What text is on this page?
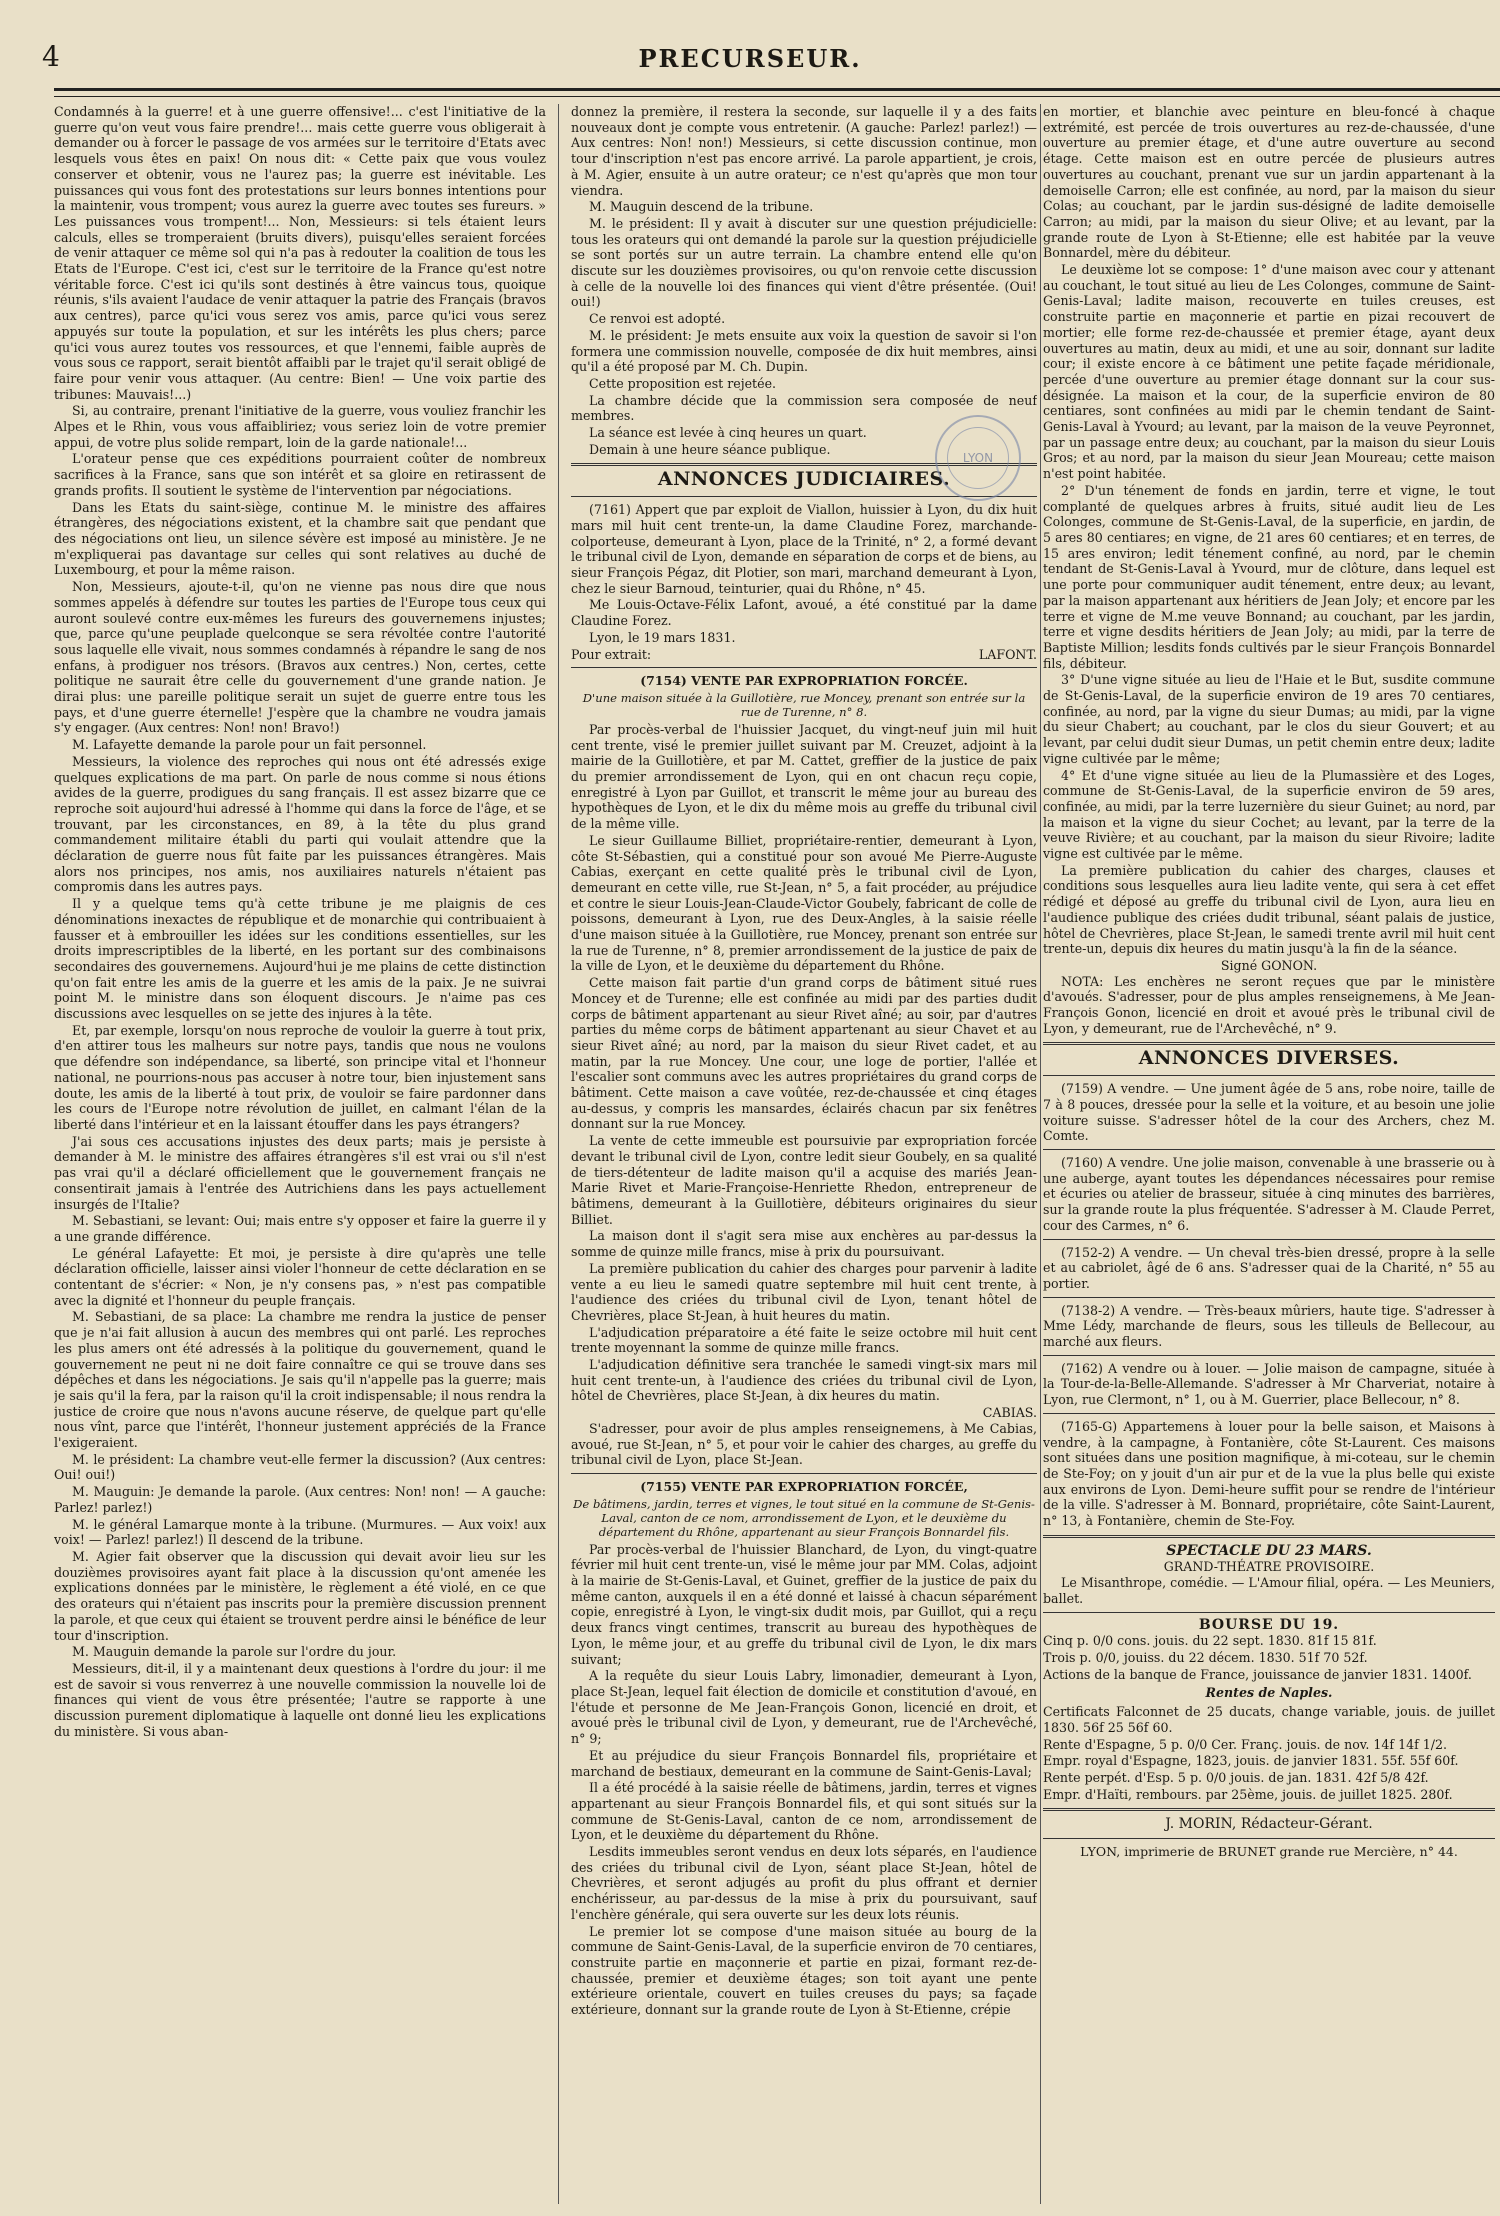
4	PRECURSEUR.

Condamnés à la guerre! et à une guerre offensive!... c'est l'initiative de la guerre qu'on veut vous faire prendre!... mais cette guerre vous obligerait à demander ou à forcer le passage de vos armées sur le territoire d'Etats avec lesquels vous êtes en paix! On nous dit: « Cette paix que vous voulez conserver et obtenir, vous ne l'aurez pas; la guerre est inévitable. Les puissances qui vous font des protestations sur leurs bonnes intentions pour la maintenir, vous trompent; vous aurez la guerre avec toutes ses fureurs. » Les puissances vous trompent!... Non, Messieurs: si tels étaient leurs calculs, elles se tromperaient (bruits divers), puisqu'elles seraient forcées de venir attaquer ce même sol qui n'a pas à redouter la coalition de tous les Etats de l'Europe. C'est ici, c'est sur le territoire de la France qu'est notre véritable force. C'est ici qu'ils sont destinés à être vaincus tous, quoique réunis, s'ils avaient l'audace de venir attaquer la patrie des Français (bravos aux centres), parce qu'ici vous serez vos amis, parce qu'ici vous serez appuyés sur toute la population, et sur les intérêts les plus chers; parce qu'ici vous aurez toutes vos ressources, et que l'ennemi, faible auprès de vous sous ce rapport, serait bientôt affaibli par le trajet qu'il serait obligé de faire pour venir vous attaquer. (Au centre: Bien! — Une voix partie des tribunes: Mauvais!...)

Si, au contraire, prenant l'initiative de la guerre, vous vouliez franchir les Alpes et le Rhin, vous vous affaibliriez; vous seriez loin de votre premier appui, de votre plus solide rempart, loin de la garde nationale!...

L'orateur pense que ces expéditions pourraient coûter de nombreux sacrifices à la France, sans que son intérêt et sa gloire en retirassent de grands profits. Il soutient le système de l'intervention par négociations.

Dans les Etats du saint-siège, continue M. le ministre des affaires étrangères, des négociations existent, et la chambre sait que pendant que des négociations ont lieu, un silence sévère est imposé au ministère. Je ne m'expliquerai pas davantage sur celles qui sont relatives au duché de Luxembourg, et pour la même raison.

Non, Messieurs, ajoute-t-il, qu'on ne vienne pas nous dire que nous sommes appelés à défendre sur toutes les parties de l'Europe tous ceux qui auront soulevé contre eux-mêmes les fureurs des gouvernemens injustes; que, parce qu'une peuplade quelconque se sera révoltée contre l'autorité sous laquelle elle vivait, nous sommes condamnés à répandre le sang de nos enfans, à prodiguer nos trésors. (Bravos aux centres.) Non, certes, cette politique ne saurait être celle du gouvernement d'une grande nation. Je dirai plus: une pareille politique serait un sujet de guerre entre tous les pays, et d'une guerre éternelle! J'espère que la chambre ne voudra jamais s'y engager. (Aux centres: Non! non! Bravo!)

M. Lafayette demande la parole pour un fait personnel.

Messieurs, la violence des reproches qui nous ont été adressés exige quelques explications de ma part. On parle de nous comme si nous étions avides de la guerre, prodigues du sang français. Il est assez bizarre que ce reproche soit aujourd'hui adressé à l'homme qui dans la force de l'âge, et se trouvant, par les circonstances, en 89, à la tête du plus grand commandement militaire établi du parti qui voulait attendre que la déclaration de guerre nous fût faite par les puissances étrangères. Mais alors nos principes, nos amis, nos auxiliaires naturels n'étaient pas compromis dans les autres pays.

Il y a quelque tems qu'à cette tribune je me plaignis de ces dénominations inexactes de république et de monarchie qui contribuaient à fausser et à embrouiller les idées sur les conditions essentielles, sur les droits imprescriptibles de la liberté, en les portant sur des combinaisons secondaires des gouvernemens. Aujourd'hui je me plains de cette distinction qu'on fait entre les amis de la guerre et les amis de la paix. Je ne suivrai point M. le ministre dans son éloquent discours. Je n'aime pas ces discussions avec lesquelles on se jette des injures à la tête.

Et, par exemple, lorsqu'on nous reproche de vouloir la guerre à tout prix, d'en attirer tous les malheurs sur notre pays, tandis que nous ne voulons que défendre son indépendance, sa liberté, son principe vital et l'honneur national, ne pourrions-nous pas accuser à notre tour, bien injustement sans doute, les amis de la liberté à tout prix, de vouloir se faire pardonner dans les cours de l'Europe notre révolution de juillet, en calmant l'élan de la liberté dans l'intérieur et en la laissant étouffer dans les pays étrangers?

J'ai sous ces accusations injustes des deux parts; mais je persiste à demander à M. le ministre des affaires étrangères s'il est vrai ou s'il n'est pas vrai qu'il a déclaré officiellement que le gouvernement français ne consentirait jamais à l'entrée des Autrichiens dans les pays actuellement insurgés de l'Italie?

M. Sebastiani, se levant: Oui; mais entre s'y opposer et faire la guerre il y a une grande différence.

Le général Lafayette: Et moi, je persiste à dire qu'après une telle déclaration officielle, laisser ainsi violer l'honneur de cette déclaration en se contentant de s'écrier: « Non, je n'y consens pas, » n'est pas compatible avec la dignité et l'honneur du peuple français.

M. Sebastiani, de sa place: La chambre me rendra la justice de penser que je n'ai fait allusion à aucun des membres qui ont parlé. Les reproches les plus amers ont été adressés à la politique du gouvernement, quand le gouvernement ne peut ni ne doit faire connaître ce qui se trouve dans ses dépêches et dans les négociations. Je sais qu'il n'appelle pas la guerre; mais je sais qu'il la fera, par la raison qu'il la croit indispensable; il nous rendra la justice de croire que nous n'avons aucune réserve, de quelque part qu'elle nous vînt, parce que l'intérêt, l'honneur justement appréciés de la France l'exigeraient.

M. le président: La chambre veut-elle fermer la discussion? (Aux centres: Oui! oui!)

M. Mauguin: Je demande la parole. (Aux centres: Non! non! — A gauche: Parlez! parlez!)

M. le général Lamarque monte à la tribune. (Murmures. — Aux voix! aux voix! — Parlez! parlez!) Il descend de la tribune.

M. Agier fait observer que la discussion qui devait avoir lieu sur les douzièmes provisoires ayant fait place à la discussion qu'ont amenée les explications données par le ministère, le règlement a été violé, en ce que des orateurs qui n'étaient pas inscrits pour la première discussion prennent la parole, et que ceux qui étaient se trouvent perdre ainsi le bénéfice de leur tour d'inscription.

M. Mauguin demande la parole sur l'ordre du jour.

Messieurs, dit-il, il y a maintenant deux questions à l'ordre du jour: il me est de savoir si vous renverrez à une nouvelle commission la nouvelle loi de finances qui vient de vous être présentée; l'autre se rapporte à une discussion purement diplomatique à laquelle ont donné lieu les explications du ministère. Si vous aban-

donnez la première, il restera la seconde, sur laquelle il y a des faits nouveaux dont je compte vous entretenir. (A gauche: Parlez! parlez!) — Aux centres: Non! non!) Messieurs, si cette discussion continue, mon tour d'inscription n'est pas encore arrivé. La parole appartient, je crois, à M. Agier, ensuite à un autre orateur; ce n'est qu'après que mon tour viendra.

M. Mauguin descend de la tribune.

M. le président: Il y avait à discuter sur une question préjudicielle: tous les orateurs qui ont demandé la parole sur la question préjudicielle se sont portés sur un autre terrain. La chambre entend elle qu'on discute sur les douzièmes provisoires, ou qu'on renvoie cette discussion à celle de la nouvelle loi des finances qui vient d'être présentée. (Oui! oui!)

Ce renvoi est adopté.

M. le président: Je mets ensuite aux voix la question de savoir si l'on formera une commission nouvelle, composée de dix huit membres, ainsi qu'il a été proposé par M. Ch. Dupin.

Cette proposition est rejetée.

La chambre décide que la commission sera composée de neuf membres.

La séance est levée à cinq heures un quart.

Demain à une heure séance publique.

ANNONCES JUDICIAIRES.

(7161) Appert que par exploit de Viallon, huissier à Lyon, du dix huit mars mil huit cent trente-un, la dame Claudine Forez, marchande-colporteuse, demeurant à Lyon, place de la Trinité, n° 2, a formé devant le tribunal civil de Lyon, demande en séparation de corps et de biens, au sieur François Pégaz, dit Plotier, son mari, marchand demeurant à Lyon, chez le sieur Barnoud, teinturier, quai du Rhône, n° 45.

Me Louis-Octave-Félix Lafont, avoué, a été constitué par la dame Claudine Forez.

Lyon, le 19 mars 1831.

Pour extrait:	LAFONT.
(7154) VENTE PAR EXPROPRIATION FORCÉE.
D'une maison située à la Guillotière, rue Moncey, prenant son entrée sur la rue de Turenne, n° 8.

Par procès-verbal de l'huissier Jacquet, du vingt-neuf juin mil huit cent trente, visé le premier juillet suivant par M. Creuzet, adjoint à la mairie de la Guillotière, et par M. Cattet, greffier de la justice de paix du premier arrondissement de Lyon, qui en ont chacun reçu copie, enregistré à Lyon par Guillot, et transcrit le même jour au bureau des hypothèques de Lyon, et le dix du même mois au greffe du tribunal civil de la même ville.

Le sieur Guillaume Billiet, propriétaire-rentier, demeurant à Lyon, côte St-Sébastien, qui a constitué pour son avoué Me Pierre-Auguste Cabias, exerçant en cette qualité près le tribunal civil de Lyon, demeurant en cette ville, rue St-Jean, n° 5, a fait procéder, au préjudice et contre le sieur Louis-Jean-Claude-Victor Goubely, fabricant de colle de poissons, demeurant à Lyon, rue des Deux-Angles, à la saisie réelle d'une maison située à la Guillotière, rue Moncey, prenant son entrée sur la rue de Turenne, n° 8, premier arrondissement de la justice de paix de la ville de Lyon, et le deuxième du département du Rhône.

Cette maison fait partie d'un grand corps de bâtiment situé rues Moncey et de Turenne; elle est confinée au midi par des parties dudit corps de bâtiment appartenant au sieur Rivet aîné; au soir, par d'autres parties du même corps de bâtiment appartenant au sieur Chavet et au sieur Rivet aîné; au nord, par la maison du sieur Rivet cadet, et au matin, par la rue Moncey. Une cour, une loge de portier, l'allée et l'escalier sont communs avec les autres propriétaires du grand corps de bâtiment. Cette maison a cave voûtée, rez-de-chaussée et cinq étages au-dessus, y compris les mansardes, éclairés chacun par six fenêtres donnant sur la rue Moncey.

La vente de cette immeuble est poursuivie par expropriation forcée devant le tribunal civil de Lyon, contre ledit sieur Goubely, en sa qualité de tiers-détenteur de ladite maison qu'il a acquise des mariés Jean-Marie Rivet et Marie-Françoise-Henriette Rhedon, entrepreneur de bâtimens, demeurant à la Guillotière, débiteurs originaires du sieur Billiet.

La maison dont il s'agit sera mise aux enchères au par-dessus la somme de quinze mille francs, mise à prix du poursuivant.

La première publication du cahier des charges pour parvenir à ladite vente a eu lieu le samedi quatre septembre mil huit cent trente, à l'audience des criées du tribunal civil de Lyon, tenant hôtel de Chevrières, place St-Jean, à huit heures du matin.

L'adjudication préparatoire a été faite le seize octobre mil huit cent trente moyennant la somme de quinze mille francs.

L'adjudication définitive sera tranchée le samedi vingt-six mars mil huit cent trente-un, à l'audience des criées du tribunal civil de Lyon, hôtel de Chevrières, place St-Jean, à dix heures du matin.

CABIAS.

S'adresser, pour avoir de plus amples renseignemens, à Me Cabias, avoué, rue St-Jean, n° 5, et pour voir le cahier des charges, au greffe du tribunal civil de Lyon, place St-Jean.

(7155) VENTE PAR EXPROPRIATION FORCÉE,
De bâtimens, jardin, terres et vignes, le tout situé en la commune de St-Genis-Laval, canton de ce nom, arrondissement de Lyon, et le deuxième du département du Rhône, appartenant au sieur François Bonnardel fils.

Par procès-verbal de l'huissier Blanchard, de Lyon, du vingt-quatre février mil huit cent trente-un, visé le même jour par MM. Colas, adjoint à la mairie de St-Genis-Laval, et Guinet, greffier de la justice de paix du même canton, auxquels il en a été donné et laissé à chacun séparément copie, enregistré à Lyon, le vingt-six dudit mois, par Guillot, qui a reçu deux francs vingt centimes, transcrit au bureau des hypothèques de Lyon, le même jour, et au greffe du tribunal civil de Lyon, le dix mars suivant;

A la requête du sieur Louis Labry, limonadier, demeurant à Lyon, place St-Jean, lequel fait élection de domicile et constitution d'avoué, en l'étude et personne de Me Jean-François Gonon, licencié en droit, et avoué près le tribunal civil de Lyon, y demeurant, rue de l'Archevêché, n° 9;

Et au préjudice du sieur François Bonnardel fils, propriétaire et marchand de bestiaux, demeurant en la commune de Saint-Genis-Laval;

Il a été procédé à la saisie réelle de bâtimens, jardin, terres et vignes appartenant au sieur François Bonnardel fils, et qui sont situés sur la commune de St-Genis-Laval, canton de ce nom, arrondissement de Lyon, et le deuxième du département du Rhône.

Lesdits immeubles seront vendus en deux lots séparés, en l'audience des criées du tribunal civil de Lyon, séant place St-Jean, hôtel de Chevrières, et seront adjugés au profit du plus offrant et dernier enchérisseur, au par-dessus de la mise à prix du poursuivant, sauf l'enchère générale, qui sera ouverte sur les deux lots réunis.

Le premier lot se compose d'une maison située au bourg de la commune de Saint-Genis-Laval, de la superficie environ de 70 centiares, construite partie en maçonnerie et partie en pizai, formant rez-de-chaussée, premier et deuxième étages; son toit ayant une pente extérieure orientale, couvert en tuiles creuses du pays; sa façade extérieure, donnant sur la grande route de Lyon à St-Etienne, crépie

LYON

en mortier, et blanchie avec peinture en bleu-foncé à chaque extrémité, est percée de trois ouvertures au rez-de-chaussée, d'une ouverture au premier étage, et d'une autre ouverture au second étage. Cette maison est en outre percée de plusieurs autres ouvertures au couchant, prenant vue sur un jardin appartenant à la demoiselle Carron; elle est confinée, au nord, par la maison du sieur Colas; au couchant, par le jardin sus-désigné de ladite demoiselle Carron; au midi, par la maison du sieur Olive; et au levant, par la grande route de Lyon à St-Etienne; elle est habitée par la veuve Bonnardel, mère du débiteur.

Le deuxième lot se compose: 1° d'une maison avec cour y attenant au couchant, le tout situé au lieu de Les Colonges, commune de Saint-Genis-Laval; ladite maison, recouverte en tuiles creuses, est construite partie en maçonnerie et partie en pizai recouvert de mortier; elle forme rez-de-chaussée et premier étage, ayant deux ouvertures au matin, deux au midi, et une au soir, donnant sur ladite cour; il existe encore à ce bâtiment une petite façade méridionale, percée d'une ouverture au premier étage donnant sur la cour sus-désignée. La maison et la cour, de la superficie environ de 80 centiares, sont confinées au midi par le chemin tendant de Saint-Genis-Laval à Yvourd; au levant, par la maison de la veuve Peyronnet, par un passage entre deux; au couchant, par la maison du sieur Louis Gros; et au nord, par la maison du sieur Jean Moureau; cette maison n'est point habitée.

2° D'un ténement de fonds en jardin, terre et vigne, le tout complanté de quelques arbres à fruits, situé audit lieu de Les Colonges, commune de St-Genis-Laval, de la superficie, en jardin, de 5 ares 80 centiares; en vigne, de 21 ares 60 centiares; et en terres, de 15 ares environ; ledit ténement confiné, au nord, par le chemin tendant de St-Genis-Laval à Yvourd, mur de clôture, dans lequel est une porte pour communiquer audit ténement, entre deux; au levant, par la maison appartenant aux héritiers de Jean Joly; et encore par les terre et vigne de M.me veuve Bonnand; au couchant, par les jardin, terre et vigne desdits héritiers de Jean Joly; au midi, par la terre de Baptiste Million; lesdits fonds cultivés par le sieur François Bonnardel fils, débiteur.

3° D'une vigne située au lieu de l'Haie et le But, susdite commune de St-Genis-Laval, de la superficie environ de 19 ares 70 centiares, confinée, au nord, par la vigne du sieur Dumas; au midi, par la vigne du sieur Chabert; au couchant, par le clos du sieur Gouvert; et au levant, par celui dudit sieur Dumas, un petit chemin entre deux; ladite vigne cultivée par le même;

4° Et d'une vigne située au lieu de la Plumassière et des Loges, commune de St-Genis-Laval, de la superficie environ de 59 ares, confinée, au midi, par la terre luzernière du sieur Guinet; au nord, par la maison et la vigne du sieur Cochet; au levant, par la terre de la veuve Rivière; et au couchant, par la maison du sieur Rivoire; ladite vigne est cultivée par le même.

La première publication du cahier des charges, clauses et conditions sous lesquelles aura lieu ladite vente, qui sera à cet effet rédigé et déposé au greffe du tribunal civil de Lyon, aura lieu en l'audience publique des criées dudit tribunal, séant palais de justice, hôtel de Chevrières, place St-Jean, le samedi trente avril mil huit cent trente-un, depuis dix heures du matin jusqu'à la fin de la séance.

Signé GONON.

NOTA: Les enchères ne seront reçues que par le ministère d'avoués. S'adresser, pour de plus amples renseignemens, à Me Jean-François Gonon, licencié en droit et avoué près le tribunal civil de Lyon, y demeurant, rue de l'Archevêché, n° 9.

ANNONCES DIVERSES.

(7159) A vendre. — Une jument âgée de 5 ans, robe noire, taille de 7 à 8 pouces, dressée pour la selle et la voiture, et au besoin une jolie voiture suisse. S'adresser hôtel de la cour des Archers, chez M. Comte.

(7160) A vendre. Une jolie maison, convenable à une brasserie ou à une auberge, ayant toutes les dépendances nécessaires pour remise et écuries ou atelier de brasseur, située à cinq minutes des barrières, sur la grande route la plus fréquentée. S'adresser à M. Claude Perret, cour des Carmes, n° 6.

(7152-2) A vendre. — Un cheval très-bien dressé, propre à la selle et au cabriolet, âgé de 6 ans. S'adresser quai de la Charité, n° 55 au portier.

(7138-2) A vendre. — Très-beaux mûriers, haute tige. S'adresser à Mme Lédy, marchande de fleurs, sous les tilleuls de Bellecour, au marché aux fleurs.

(7162) A vendre ou à louer. — Jolie maison de campagne, située à la Tour-de-la-Belle-Allemande. S'adresser à Mr Charveriat, notaire à Lyon, rue Clermont, n° 1, ou à M. Guerrier, place Bellecour, n° 8.

(7165-G) Appartemens à louer pour la belle saison, et Maisons à vendre, à la campagne, à Fontanière, côte St-Laurent. Ces maisons sont situées dans une position magnifique, à mi-coteau, sur le chemin de Ste-Foy; on y jouit d'un air pur et de la vue la plus belle qui existe aux environs de Lyon. Demi-heure suffit pour se rendre de l'intérieur de la ville. S'adresser à M. Bonnard, propriétaire, côte Saint-Laurent, n° 13, à Fontanière, chemin de Ste-Foy.

SPECTACLE DU 23 MARS.
GRAND-THÉATRE PROVISOIRE.

Le Misanthrope, comédie. — L'Amour filial, opéra. — Les Meuniers, ballet.

BOURSE DU 19.

Cinq p. 0/0 cons. jouis. du 22 sept. 1830. 81f 15 81f.

Trois p. 0/0, jouiss. du 22 décem. 1830. 51f 70 52f.

Actions de la banque de France, jouissance de janvier 1831. 1400f.

Rentes de Naples.

Certificats Falconnet de 25 ducats, change variable, jouis. de juillet 1830. 56f 25 56f 60.

Rente d'Espagne, 5 p. 0/0 Cer. Franç. jouis. de nov. 14f 14f 1/2.

Empr. royal d'Espagne, 1823, jouis. de janvier 1831. 55f. 55f 60f.

Rente perpét. d'Esp. 5 p. 0/0 jouis. de jan. 1831. 42f 5/8 42f.

Empr. d'Haïti, rembours. par 25ème, jouis. de juillet 1825. 280f.

J. MORIN, Rédacteur-Gérant.
LYON, imprimerie de BRUNET grande rue Mercière, n° 44.
